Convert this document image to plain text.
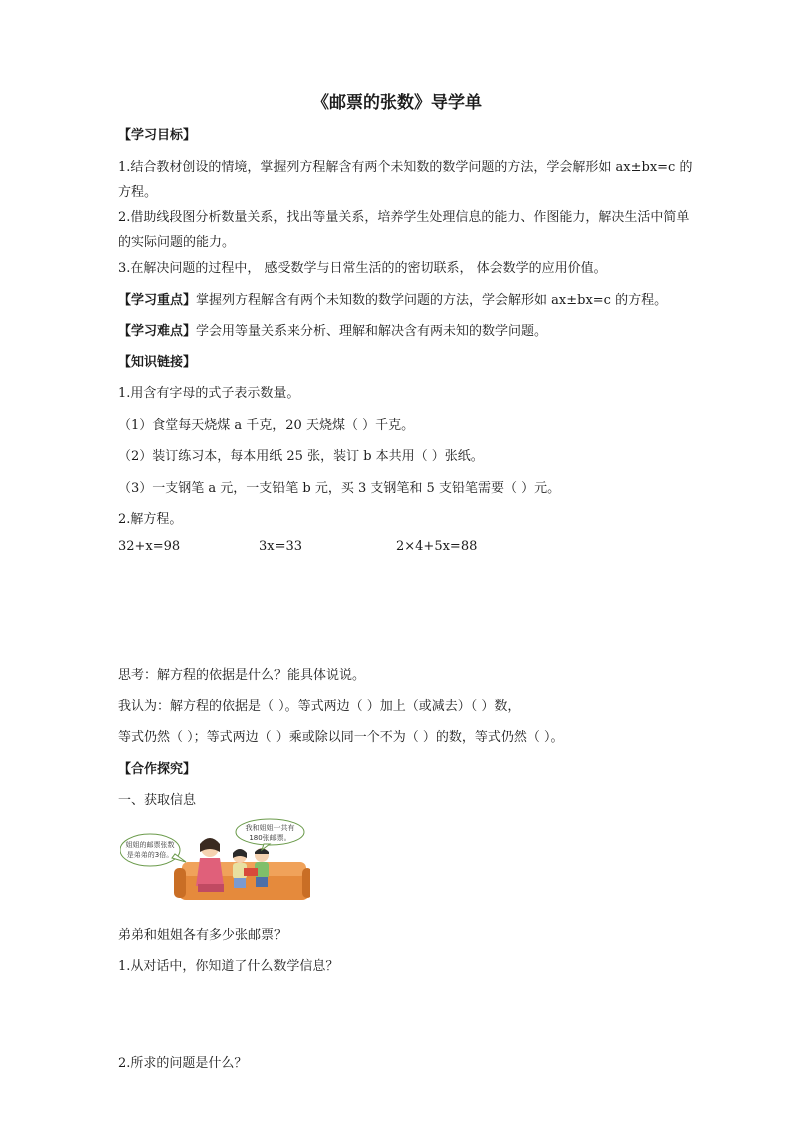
《邮票的张数》导学单
【学习目标】
1.结合教材创设的情境，掌握列方程解含有两个未知数的数学问题的方法，学会解形如 ax±bx=c 的
方程。
2.借助线段图分析数量关系，找出等量关系，培养学生处理信息的能力、作图能力，解决生活中简单
的实际问题的能力。
3.在解决问题的过程中， 感受数学与日常生活的的密切联系， 体会数学的应用价值。
【学习重点】掌握列方程解含有两个未知数的数学问题的方法，学会解形如 ax±bx=c 的方程。
【学习难点】学会用等量关系来分析、理解和解决含有两未知的数学问题。
【知识链接】
1.用含有字母的式子表示数量。
（1）食堂每天烧煤 a 千克，20 天烧煤（ ）千克。
（2）装订练习本，每本用纸 25 张，装订 b 本共用（ ）张纸。
（3）一支钢笔 a 元，一支铅笔 b 元，买 3 支钢笔和 5 支铅笔需要（ ）元。
2.解方程。
32+x=98	3x=33	2×4+5x=88
思考：解方程的依据是什么？能具体说说。
我认为：解方程的依据是（ ）。等式两边（ ）加上（或减去）（ ）数，
等式仍然（ ）；等式两边（ ）乘或除以同一个不为（ ）的数，等式仍然（ ）。
【合作探究】
一、获取信息
姐姐的邮票张数
是弟弟的3倍。
我和姐姐一共有
180张邮票。
弟弟和姐姐各有多少张邮票？
1.从对话中，你知道了什么数学信息？
2.所求的问题是什么？
